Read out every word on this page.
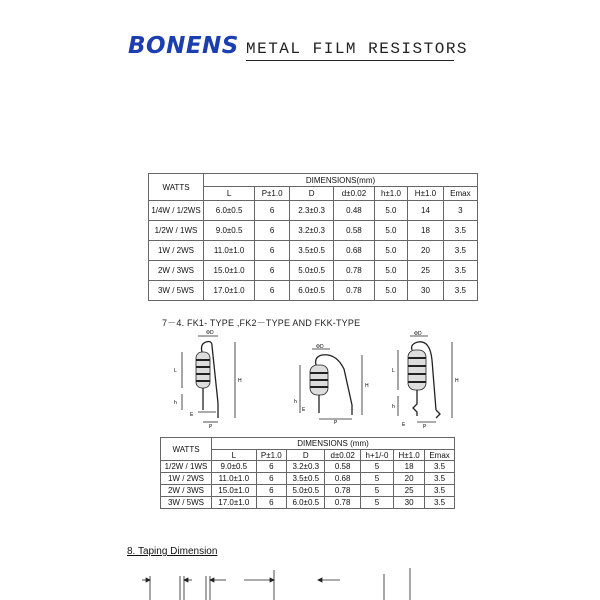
BONENS METAL FILM RESISTORS
WATTS	DIMENSIONS(mm)						
	L	P±1.0	D	d±0.02	h±1.0	H±1.0	Emax
1/4W / 1/2WS	6.0±0.5	6	2.3±0.3	0.48	5.0	14	3
1/2W / 1WS	9.0±0.5	6	3.2±0.3	0.58	5.0	18	3.5
1W / 2WS	11.0±1.0	6	3.5±0.5	0.68	5.0	20	3.5
2W / 3WS	15.0±1.0	6	5.0±0.5	0.78	5.0	25	3.5
3W / 5WS	17.0±1.0	6	6.0±0.5	0.78	5.0	30	3.5
7－4. FK1- TYPE ,FK2－TYPE AND FKK-TYPE
ΦD
L
h
H
P
E
ΦD
h
H
P
E
ΦD
L
h
H
P
E
WATTS	DIMENSIONS (mm)						
	L	P±1.0	D	d±0.02	h+1/-0	H±1.0	Emax
1/2W / 1WS	9.0±0.5	6	3.2±0.3	0.58	5	18	3.5
1W / 2WS	11.0±1.0	6	3.5±0.5	0.68	5	20	3.5
2W / 3WS	15.0±1.0	6	5.0±0.5	0.78	5	25	3.5
3W / 5WS	17.0±1.0	6	6.0±0.5	0.78	5	30	3.5
8. Taping Dimension
